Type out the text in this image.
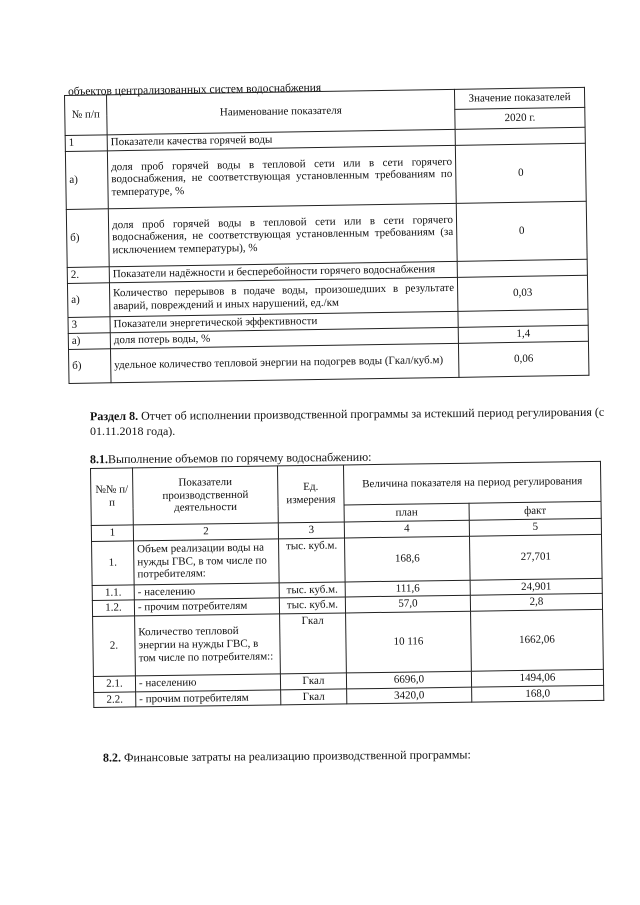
объектов централизованных систем водоснабжения
№ п/п	Наименование показателя	Значение показателей
		2020 г.
1	Показатели качества горячей воды	
а)	доля проб горячей воды в тепловой сети или в сети горячего водоснабжения, не соответствующая установленным требованиям по температуре, %	0
б)	доля проб горячей воды в тепловой сети или в сети горячего водоснабжения, не соответствующая установленным требованиям (за исключением температуры), %	0
2.	Показатели надёжности и бесперебойности горячего водоснабжения	
а)	Количество перерывов в подаче воды, произошедших в результате аварий, повреждений и иных нарушений, ед./км	0,03
3	Показатели энергетической эффективности	
а)	доля потерь воды, %	1,4
б)	удельное количество тепловой энергии на подогрев воды (Гкал/куб.м)	0,06
Раздел 8. Отчет об исполнении производственной программы за истекший период регулирования (с
01.11.2018 года).
8.1.Выполнение объемов по горячему водоснабжению:
№№ п/п	Показатели производственной деятельности	Ед. измерения	Величина показателя на период регулирования	
			план	факт
1	2	3	4	5
1.	Объем реализации воды на нужды ГВС, в том числе по потребителям:	тыс. куб.м.	168,6	27,701
1.1.	- населению	тыс. куб.м.	111,6	24,901
1.2.	- прочим потребителям	тыс. куб.м.	57,0	2,8
2.	Количество тепловой энергии на нужды ГВС, в том числе по потребителям::	Гкал	10 116	1662,06
2.1.	- населению	Гкал	6696,0	1494,06
2.2.	- прочим потребителям	Гкал	3420,0	168,0
8.2. Финансовые затраты на реализацию производственной программы:
